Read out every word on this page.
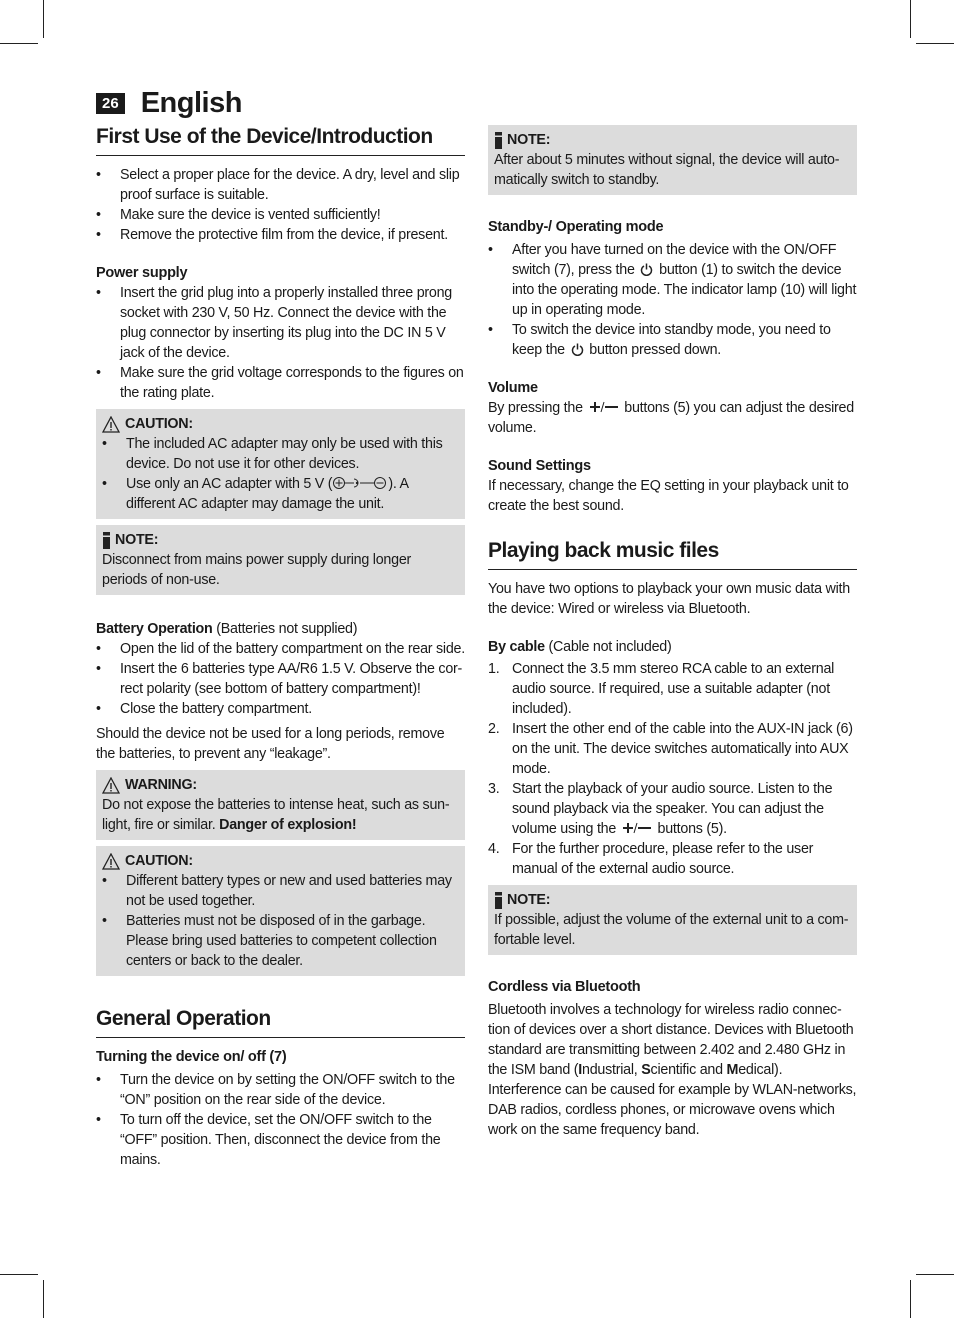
26 English
First Use of the Device/Introduction
• Select a proper place for the device. A dry, level and slip proof surface is suitable.
• Make sure the device is vented sufficiently!
• Remove the protective film from the device, if present.
Power supply
• Insert the grid plug into a properly installed three prong socket with 230 V, 50 Hz. Connect the device with the plug connector by inserting its plug into the DC IN 5 V jack of the device.
• Make sure the grid voltage corresponds to the figures on the rating plate.
CAUTION:
• The included AC adapter may only be used with this device. Do not use it for other devices.
• Use only an AC adapter with 5 V (	). A different AC adapter may damage the unit.
NOTE:

Disconnect from mains power supply during longer periods of non-use.

Battery Operation (Batteries not supplied)

• Open the lid of the battery compartment on the rear side.
• Insert the 6 batteries type AA/R6 1.5 V. Observe the cor-rect polarity (see bottom of battery compartment)!
• Close the battery compartment.

Should the device not be used for a long periods, remove the batteries, to prevent any “leakage”.

WARNING:

Do not expose the batteries to intense heat, such as sun-light, fire or similar. Danger of explosion!

CAUTION:
• Different battery types or new and used batteries may not be used together.
• Batteries must not be disposed of in the garbage. Please bring used batteries to competent collection centers or back to the dealer.
General Operation
Turning the device on/ off (7)
• Turn the device on by setting the ON/OFF switch to the “ON” position on the rear side of the device.
• To turn off the device, set the ON/OFF switch to the “OFF” position. Then, disconnect the device from the mains.
NOTE:

After about 5 minutes without signal, the device will auto-matically switch to standby.

Standby-/ Operating mode
• After you have turned on the device with the ON/OFF switch (7), press the  button (1) to switch the device into the operating mode. The indicator lamp (10) will light up in operating mode.
• To switch the device into standby mode, you need to keep the  button pressed down.
Volume

By pressing the  buttons (5) you can adjust the desired volume.

Sound Settings

If necessary, change the EQ setting in your playback unit to create the best sound.

Playing back music files

You have two options to playback your own music data with the device: Wired or wireless via Bluetooth.

By cable (Cable not included)

1. Connect the 3.5 mm stereo RCA cable to an external audio source. If required, use a suitable adapter (not included).
2. Insert the other end of the cable into the AUX-IN jack (6) on the unit. The device switches automatically into AUX mode.
3. Start the playback of your audio source. Listen to the sound playback via the speaker. You can adjust the volume using the  buttons (5).
4. For the further procedure, please refer to the user manual of the external audio source.
NOTE:

If possible, adjust the volume of the external unit to a com-fortable level.

Cordless via Bluetooth

Bluetooth involves a technology for wireless radio connec-tion of devices over a short distance. Devices with Bluetooth standard are transmitting between 2.402 and 2.480 GHz in the ISM band (Industrial, Scientific and Medical). Interference can be caused for example by WLAN-networks, DAB radios, cordless phones, or microwave ovens which work on the same frequency band.
